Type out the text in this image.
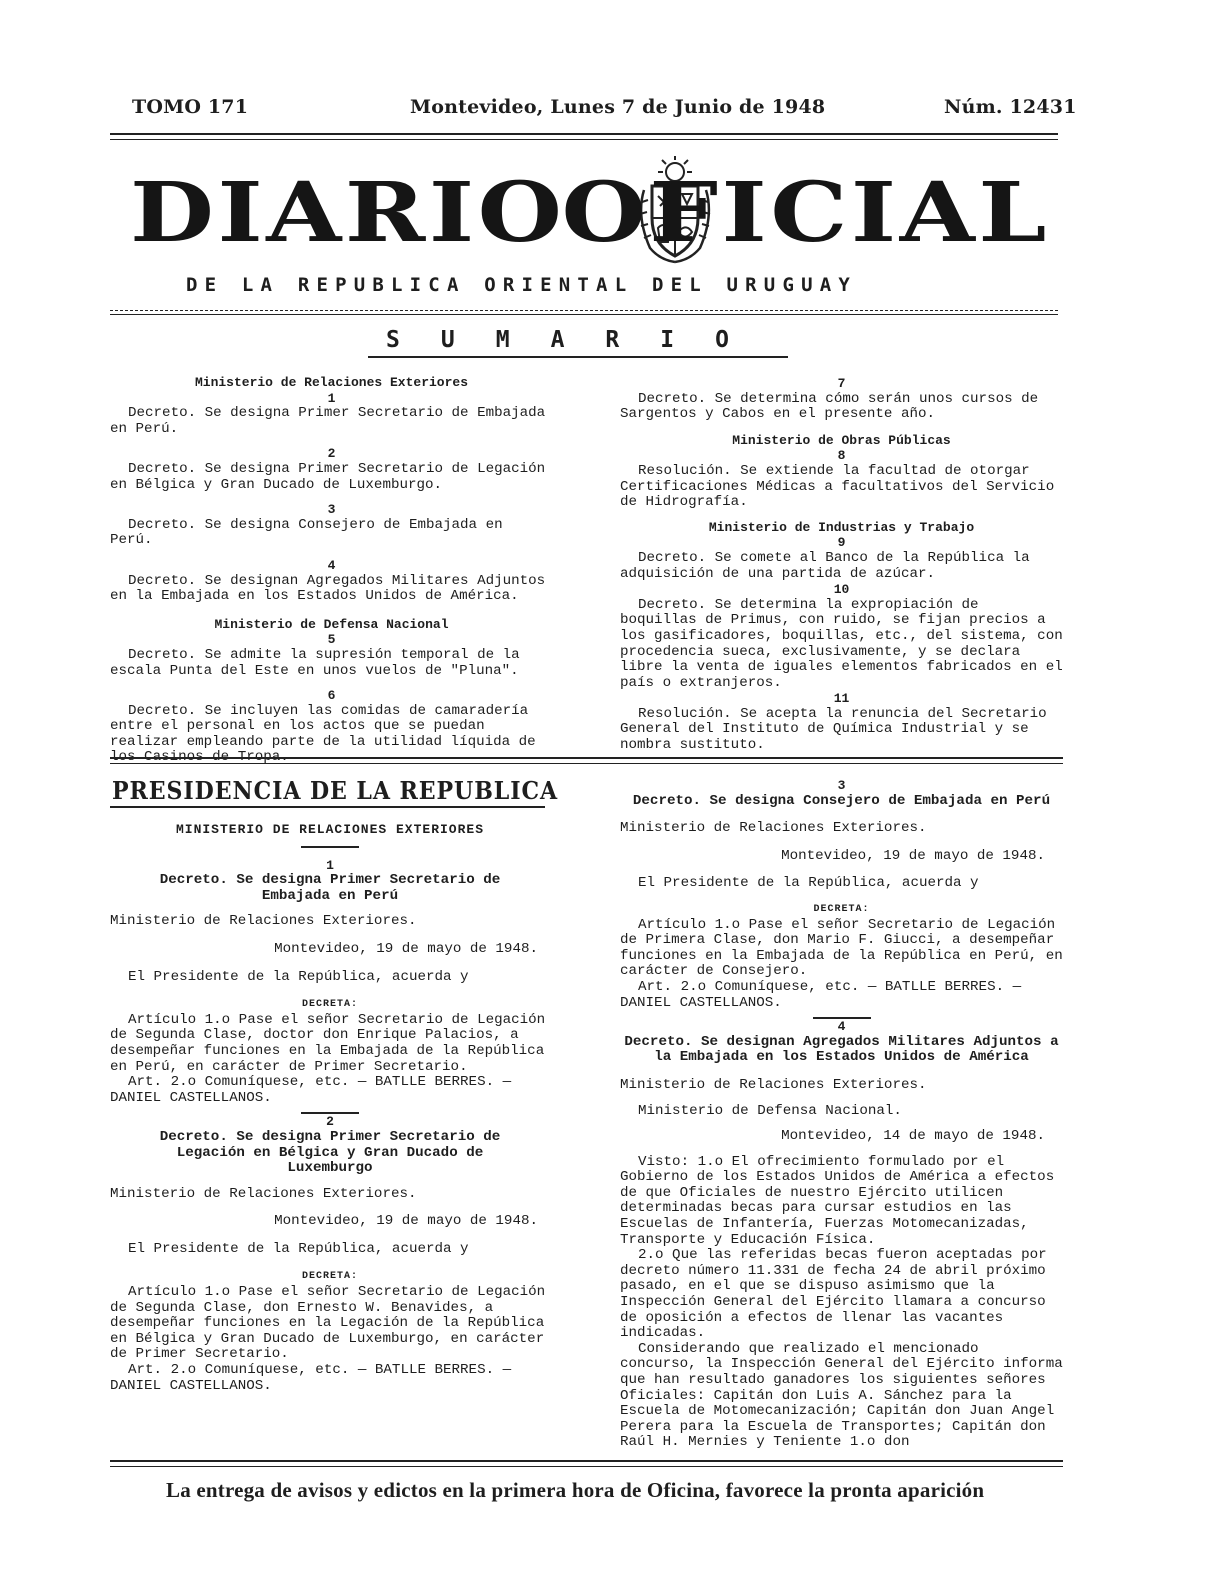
TOMO 171	Montevideo, Lunes 7 de Junio de 1948	Núm. 12431
DIARIO
OFICIAL
DE LA REPUBLICA ORIENTAL DEL URUGUAY
SUMARIO

Ministerio de Relaciones Exteriores

1

Decreto. Se designa Primer Secretario de Embajada en Perú.

2

Decreto. Se designa Primer Secretario de Legación en Bélgica y Gran Ducado de Luxemburgo.

3

Decreto. Se designa Consejero de Embajada en Perú.

4

Decreto. Se designan Agregados Militares Adjuntos en la Embajada en los Estados Unidos de América.

Ministerio de Defensa Nacional

5

Decreto. Se admite la supresión temporal de la escala Punta del Este en unos vuelos de "Pluna".

6

Decreto. Se incluyen las comidas de camaradería entre el personal en los actos que se puedan realizar empleando parte de la utilidad líquida de los Casinos de Tropa.

7

Decreto. Se determina cómo serán unos cursos de Sargentos y Cabos en el presente año.

Ministerio de Obras Públicas

8

Resolución. Se extiende la facultad de otorgar Certificaciones Médicas a facultativos del Servicio de Hidrografía.

Ministerio de Industrias y Trabajo

9

Decreto. Se comete al Banco de la República la adquisición de una partida de azúcar.

10

Decreto. Se determina la expropiación de boquillas de Primus, con ruido, se fijan precios a los gasificadores, boquillas, etc., del sistema, con procedencia sueca, exclusivamente, y se declara libre la venta de iguales elementos fabricados en el país o extranjeros.

11

Resolución. Se acepta la renuncia del Secretario General del Instituto de Química Industrial y se nombra sustituto.

PRESIDENCIA DE LA REPUBLICA

MINISTERIO DE RELACIONES EXTERIORES

1

Decreto. Se designa Primer Secretario de Embajada en Perú

Ministerio de Relaciones Exteriores.

Montevideo, 19 de mayo de 1948.

El Presidente de la República, acuerda y

DECRETA:

Artículo 1.o Pase el señor Secretario de Legación de Segunda Clase, doctor don Enrique Palacios, a desempeñar funciones en la Embajada de la República en Perú, en carácter de Primer Secretario.

Art. 2.o Comuníquese, etc. — BATLLE BERRES. — DANIEL CASTELLANOS.

2

Decreto. Se designa Primer Secretario de Legación en Bélgica y Gran Ducado de Luxemburgo

Ministerio de Relaciones Exteriores.

Montevideo, 19 de mayo de 1948.

El Presidente de la República, acuerda y

DECRETA:

Artículo 1.o Pase el señor Secretario de Legación de Segunda Clase, don Ernesto W. Benavides, a desempeñar funciones en la Legación de la República en Bélgica y Gran Ducado de Luxemburgo, en carácter de Primer Secretario.

Art. 2.o Comuníquese, etc. — BATLLE BERRES. — DANIEL CASTELLANOS.

3

Decreto. Se designa Consejero de Embajada en Perú

Ministerio de Relaciones Exteriores.

Montevideo, 19 de mayo de 1948.

El Presidente de la República, acuerda y

DECRETA:

Artículo 1.o Pase el señor Secretario de Legación de Primera Clase, don Mario F. Giucci, a desempeñar funciones en la Embajada de la República en Perú, en carácter de Consejero.

Art. 2.o Comuníquese, etc. — BATLLE BERRES. — DANIEL CASTELLANOS.

4

Decreto. Se designan Agregados Militares Adjuntos a la Embajada en los Estados Unidos de América

Ministerio de Relaciones Exteriores.

Ministerio de Defensa Nacional.

Montevideo, 14 de mayo de 1948.

Visto: 1.o El ofrecimiento formulado por el Gobierno de los Estados Unidos de América a efectos de que Oficiales de nuestro Ejército utilicen determinadas becas para cursar estudios en las Escuelas de Infantería, Fuerzas Motomecanizadas, Transporte y Educación Física.

2.o Que las referidas becas fueron aceptadas por decreto número 11.331 de fecha 24 de abril próximo pasado, en el que se dispuso asimismo que la Inspección General del Ejército llamara a concurso de oposición a efectos de llenar las vacantes indicadas.

Considerando que realizado el mencionado concurso, la Inspección General del Ejército informa que han resultado ganadores los siguientes señores Oficiales: Capitán don Luis A. Sánchez para la Escuela de Motomecanización; Capitán don Juan Angel Perera para la Escuela de Transportes; Capitán don Raúl H. Mernies y Teniente 1.o don

La entrega de avisos y edictos en la primera hora de Oficina, favorece la pronta aparición
